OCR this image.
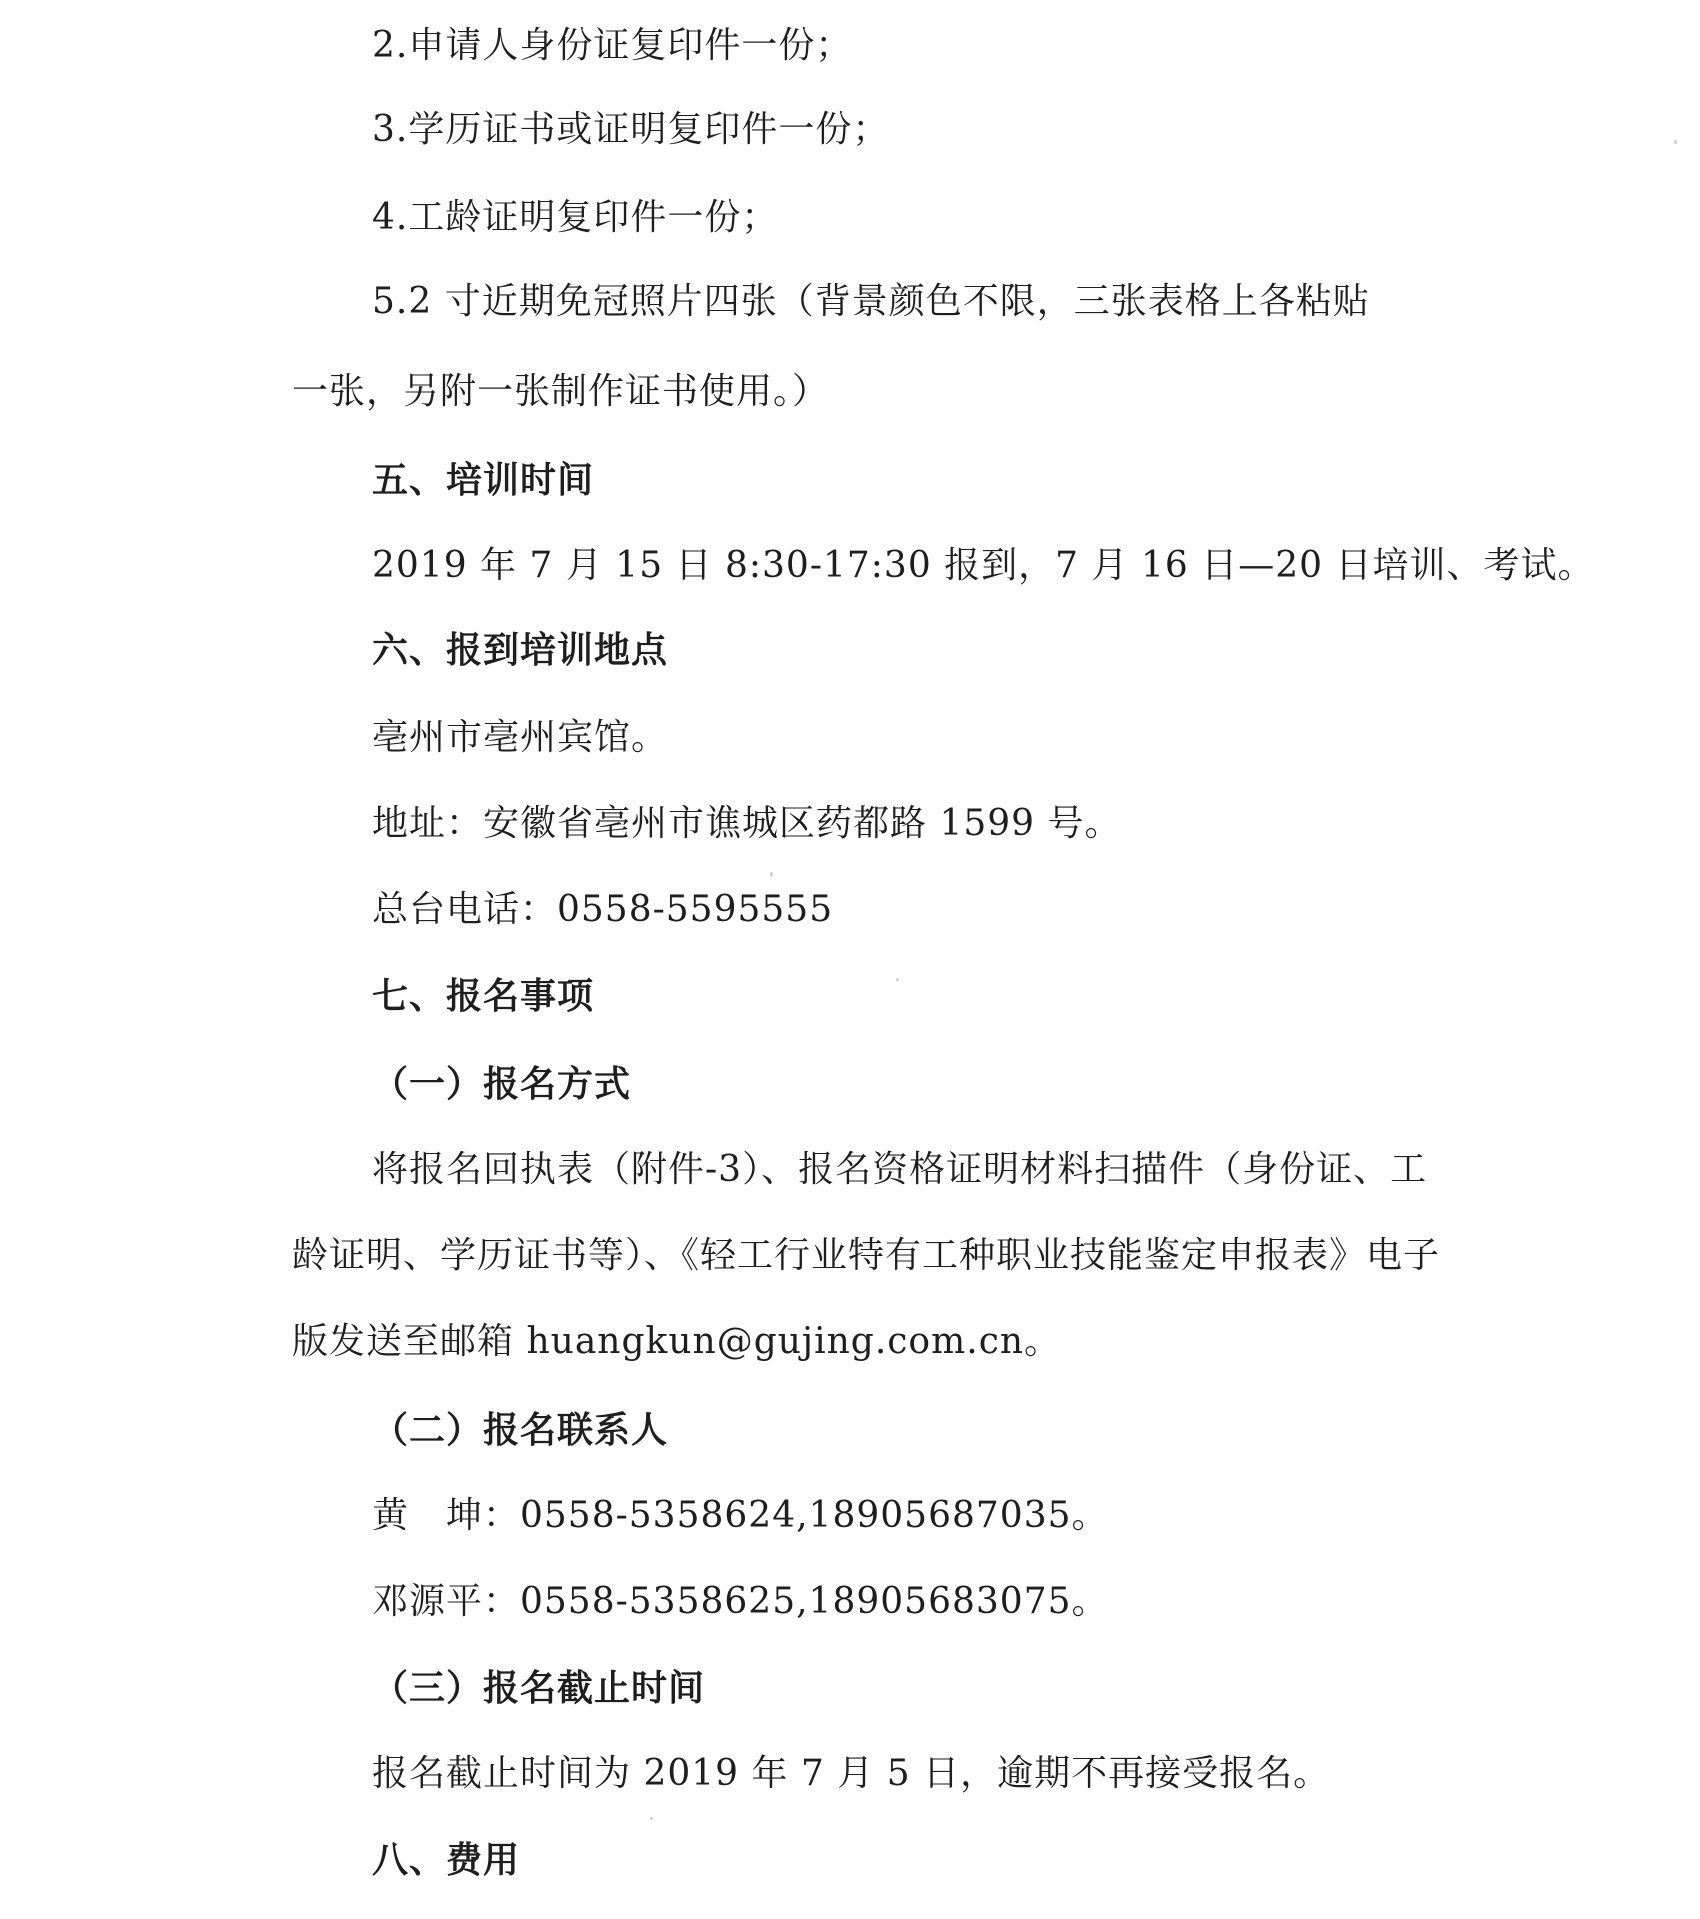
2.申请人身份证复印件一份；
3.学历证书或证明复印件一份；
4.工龄证明复印件一份；
5.2 寸近期免冠照片四张（背景颜色不限，三张表格上各粘贴
一张，另附一张制作证书使用。）
五、培训时间
2019 年 7 月 15 日 8:30-17:30 报到，7 月 16 日—20 日培训、考试。
六、报到培训地点
亳州市亳州宾馆。
地址：安徽省亳州市谯城区药都路 1599 号。
总台电话：0558-5595555
七、报名事项
（一）报名方式
将报名回执表（附件-3）、报名资格证明材料扫描件（身份证、工
龄证明、学历证书等）、《轻工行业特有工种职业技能鉴定申报表》电子
版发送至邮箱 huangkun@gujing.com.cn。
（二）报名联系人
黄　坤：0558-5358624,18905687035。
邓源平：0558-5358625,18905683075。
（三）报名截止时间
报名截止时间为 2019 年 7 月 5 日，逾期不再接受报名。
八、费用
